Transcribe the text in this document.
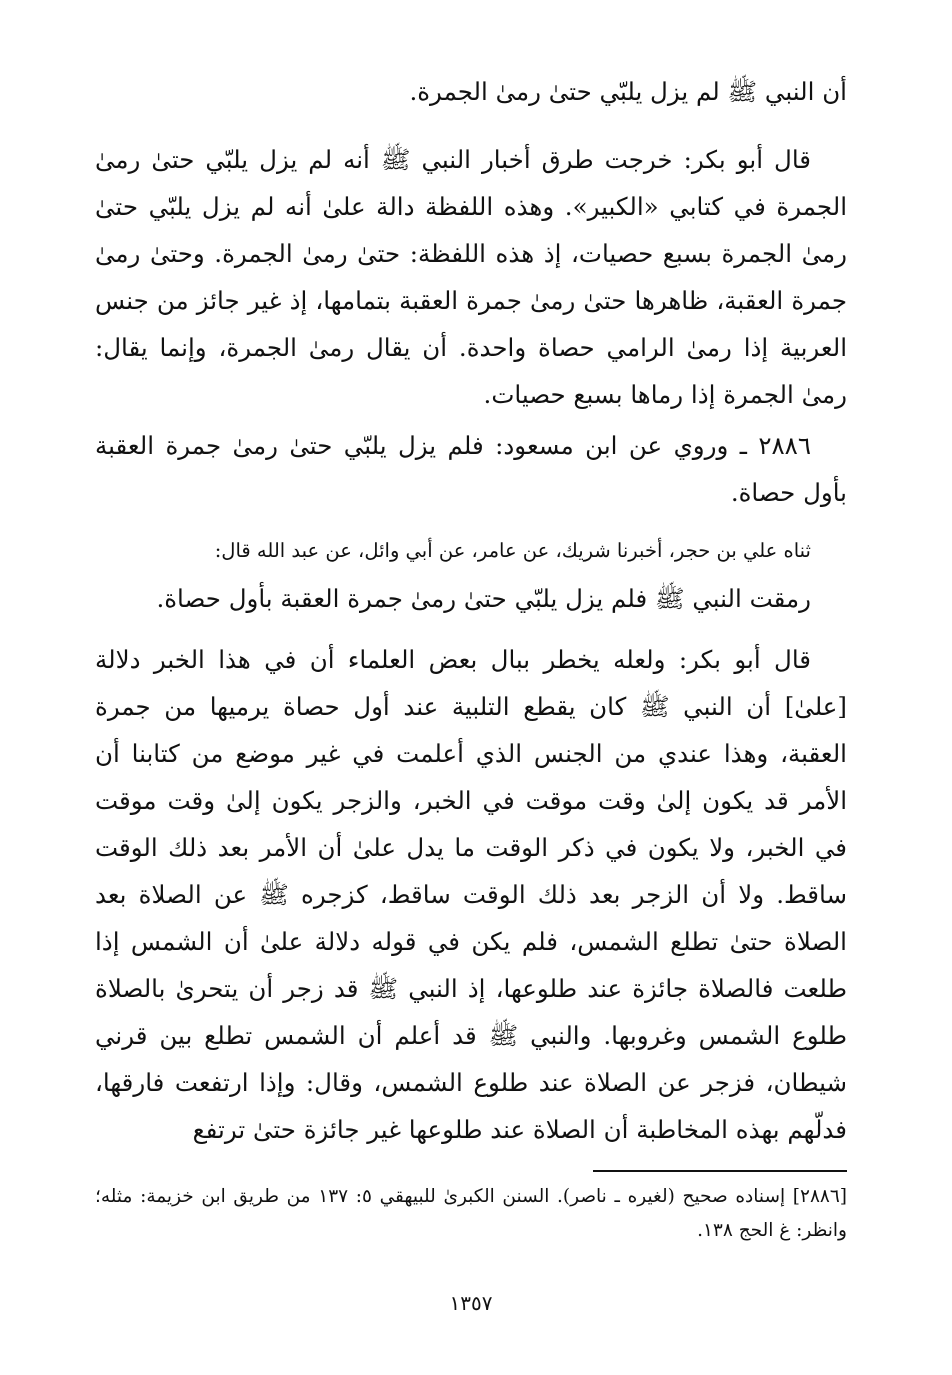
أن النبي ﷺ لم يزل يلبّي حتىٰ رمىٰ الجمرة.

قال أبو بكر: خرجت طرق أخبار النبي ﷺ أنه لم يزل يلبّي حتىٰ رمىٰ الجمرة في كتابي «الكبير». وهذه اللفظة دالة علىٰ أنه لم يزل يلبّي حتىٰ رمىٰ الجمرة بسبع حصيات، إذ هذه اللفظة: حتىٰ رمىٰ الجمرة. وحتىٰ رمىٰ جمرة العقبة، ظاهرها حتىٰ رمىٰ جمرة العقبة بتمامها، إذ غير جائز من جنس العربية إذا رمىٰ الرامي حصاة واحدة. أن يقال رمىٰ الجمرة، وإنما يقال: رمىٰ الجمرة إذا رماها بسبع حصيات.

٢٨٨٦ ـ وروي عن ابن مسعود: فلم يزل يلبّي حتىٰ رمىٰ جمرة العقبة بأول حصاة.

ثناه علي بن حجر، أخبرنا شريك، عن عامر، عن أبي وائل، عن عبد الله قال:

رمقت النبي ﷺ فلم يزل يلبّي حتىٰ رمىٰ جمرة العقبة بأول حصاة.

قال أبو بكر: ولعله يخطر ببال بعض العلماء أن في هذا الخبر دلالة [علىٰ] أن النبي ﷺ كان يقطع التلبية عند أول حصاة يرميها من جمرة العقبة، وهذا عندي من الجنس الذي أعلمت في غير موضع من كتابنا أن الأمر قد يكون إلىٰ وقت موقت في الخبر، والزجر يكون إلىٰ وقت موقت في الخبر، ولا يكون في ذكر الوقت ما يدل علىٰ أن الأمر بعد ذلك الوقت ساقط. ولا أن الزجر بعد ذلك الوقت ساقط، كزجره ﷺ عن الصلاة بعد الصلاة حتىٰ تطلع الشمس، فلم يكن في قوله دلالة علىٰ أن الشمس إذا طلعت فالصلاة جائزة عند طلوعها، إذ النبي ﷺ قد زجر أن يتحرىٰ بالصلاة طلوع الشمس وغروبها. والنبي ﷺ قد أعلم أن الشمس تطلع بين قرني شيطان، فزجر عن الصلاة عند طلوع الشمس، وقال: وإذا ارتفعت فارقها، فدلّهم بهذه المخاطبة أن الصلاة عند طلوعها غير جائزة حتىٰ ترتفع

[٢٨٨٦] إسناده صحيح (لغيره ـ ناصر). السنن الكبرىٰ للبيهقي ٥: ١٣٧ من طريق ابن خزيمة: مثله؛ وانظر: غ الحج ١٣٨.

١٣٥٧
